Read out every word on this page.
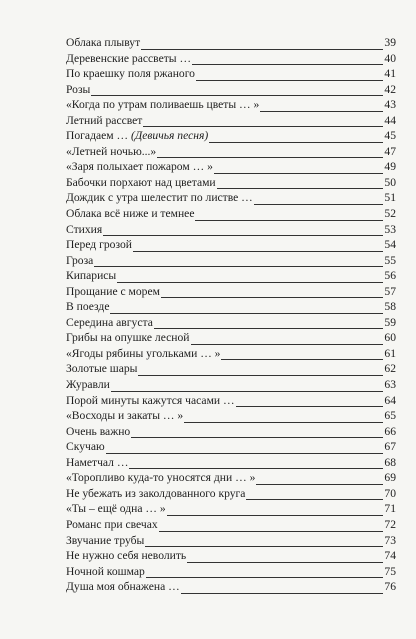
Облака плывут	39
Деревенские рассветы …	40
По краешку поля ржаного	41
Розы	42
«Когда по утрам поливаешь цветы … »	43
Летний рассвет	44
Погадаем … (Девичья песня)	45
«Летней ночью...»	47
«Заря полыхает пожаром … »	49
Бабочки порхают над цветами	50
Дождик с утра шелестит по листве …	51
Облака всё ниже и темнее	52
Стихия	53
Перед грозой	54
Гроза	55
Кипарисы	56
Прощание с морем	57
В поезде	58
Середина августа	59
Грибы на опушке лесной	60
«Ягоды рябины угольками … »	61
Золотые шары	62
Журавли	63
Порой минуты кажутся часами …	64
«Восходы и закаты … »	65
Очень важно	66
Скучаю	67
Наметчал …	68
«Торопливо куда-то уносятся дни … »	69
Не убежать из заколдованного круга	70
«Ты – ещё одна … »	71
Романс при свечах	72
Звучание трубы	73
Не нужно себя неволить	74
Ночной кошмар	75
Душа моя обнажена …	76
